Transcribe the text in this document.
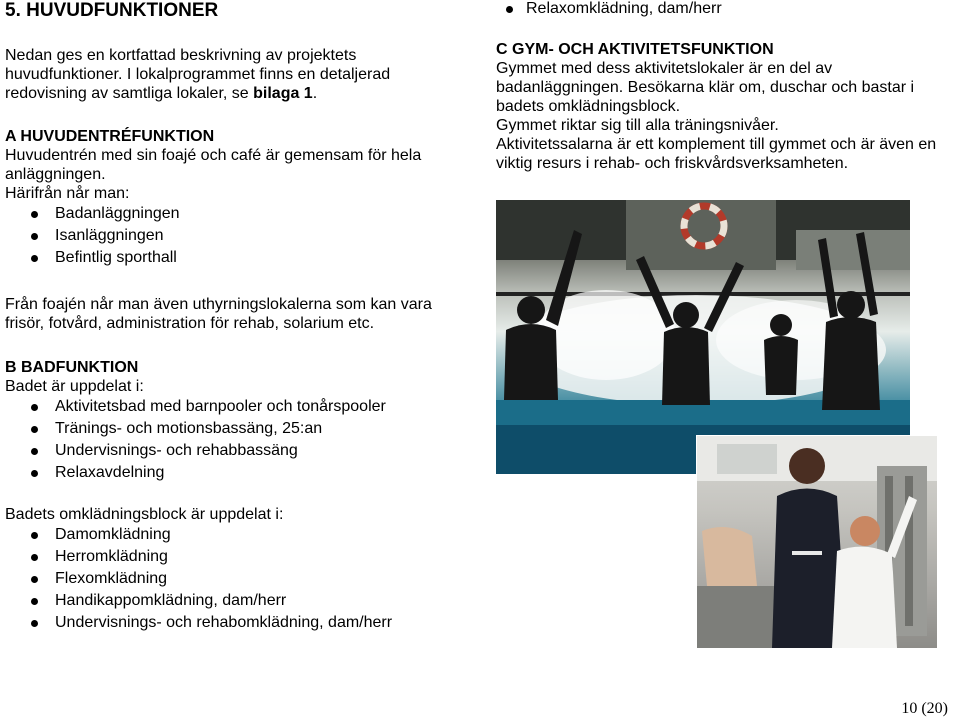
5. HUVUDFUNKTIONER

Nedan ges en kortfattad beskrivning av projektets huvudfunktioner. I lokalprogrammet finns en detaljerad redovisning av samtliga lokaler, se bilaga 1.

A HUVUDENTRÉFUNKTION
Huvudentrén med sin foajé och café är gemensam för hela anläggningen.
Härifrån når man:
Badanläggningen
Isanläggningen
Befintlig sporthall

Från foajén når man även uthyrningslokalerna som kan vara frisör, fotvård, administration för rehab, solarium etc.

B BADFUNKTION
Badet är uppdelat i:
Aktivitetsbad med barnpooler och tonårspooler
Tränings- och motionsbassäng, 25:an
Undervisnings- och rehabbassäng
Relaxavdelning
Badets omklädningsblock är uppdelat i:
Damomklädning
Herromklädning
Flexomklädning
Handikappomklädning, dam/herr
Undervisnings- och rehabomklädning, dam/herr
Relaxomklädning, dam/herr
C GYM- OCH AKTIVITETSFUNKTION
Gymmet med dess aktivitetslokaler är en del av badanläggningen. Besökarna klär om, duschar och bastar i badets omklädningsblock.
Gymmet riktar sig till alla träningsnivåer.
Aktivitetssalarna är ett komplement till gymmet och är även en viktig resurs i rehab- och friskvårdsverksamheten.
10 (20)
